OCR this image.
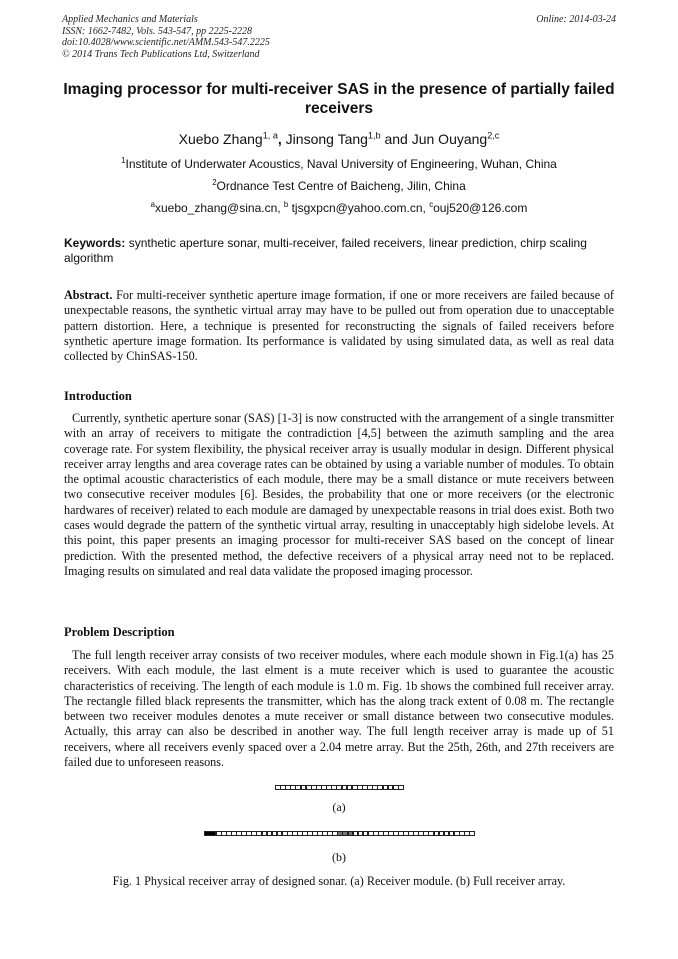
Applied Mechanics and Materials
ISSN: 1662-7482, Vols. 543-547, pp 2225-2228
doi:10.4028/www.scientific.net/AMM.543-547.2225
© 2014 Trans Tech Publications Ltd, Switzerland
Online: 2014-03-24
Imaging processor for multi-receiver SAS in the presence of partially failed receivers
Xuebo Zhang$^{1, a}$, Jinsong Tang$^{1,b}$ and Jun Ouyang$^{2,c}$
$^1$Institute of Underwater Acoustics, Naval University of Engineering, Wuhan, China
$^2$Ordnance Test Centre of Baicheng, Jilin, China
$^a$xuebo_zhang@sina.cn, $^b$ tjsgxpcn@yahoo.com.cn, $^c$ouj520@126.com
Keywords: synthetic aperture sonar, multi-receiver, failed receivers, linear prediction, chirp scaling algorithm
Abstract. For multi-receiver synthetic aperture image formation, if one or more receivers are failed because of unexpectable reasons, the synthetic virtual array may have to be pulled out from operation due to unacceptable pattern distortion. Here, a technique is presented for reconstructing the signals of failed receivers before synthetic aperture image formation. Its performance is validated by using simulated data, as well as real data collected by ChinSAS-150.
Introduction
Currently, synthetic aperture sonar (SAS) [1-3] is now constructed with the arrangement of a single transmitter with an array of receivers to mitigate the contradiction [4,5] between the azimuth sampling and the area coverage rate. For system flexibility, the physical receiver array is usually modular in design. Different physical receiver array lengths and area coverage rates can be obtained by using a variable number of modules. To obtain the optimal acoustic characteristics of each module, there may be a small distance or mute receivers between two consecutive receiver modules [6]. Besides, the probability that one or more receivers (or the electronic hardwares of receiver) related to each module are damaged by unexpectable reasons in trial does exist. Both two cases would degrade the pattern of the synthetic virtual array, resulting in unacceptably high sidelobe levels. At this point, this paper presents an imaging processor for multi-receiver SAS based on the concept of linear prediction. With the presented method, the defective receivers of a physical array need not to be replaced. Imaging results on simulated and real data validate the proposed imaging processor.
Problem Description
The full length receiver array consists of two receiver modules, where each module shown in Fig.1(a) has 25 receivers. With each module, the last elment is a mute receiver which is used to guarantee the acoustic characteristics of receiving. The length of each module is 1.0 m. Fig. 1b shows the combined full receiver array. The rectangle filled black represents the transmitter, which has the along track extent of 0.08 m. The rectangle between two receiver modules denotes a mute receiver or small distance between two consecutive modules. Actually, this array can also be described in another way. The full length receiver array is made up of 51 receivers, where all receivers evenly spaced over a 2.04 metre array. But the 25th, 26th, and 27th receivers are failed due to unforeseen reasons.
(a)
(b)
Fig. 1 Physical receiver array of designed sonar. (a) Receiver module. (b) Full receiver array.
